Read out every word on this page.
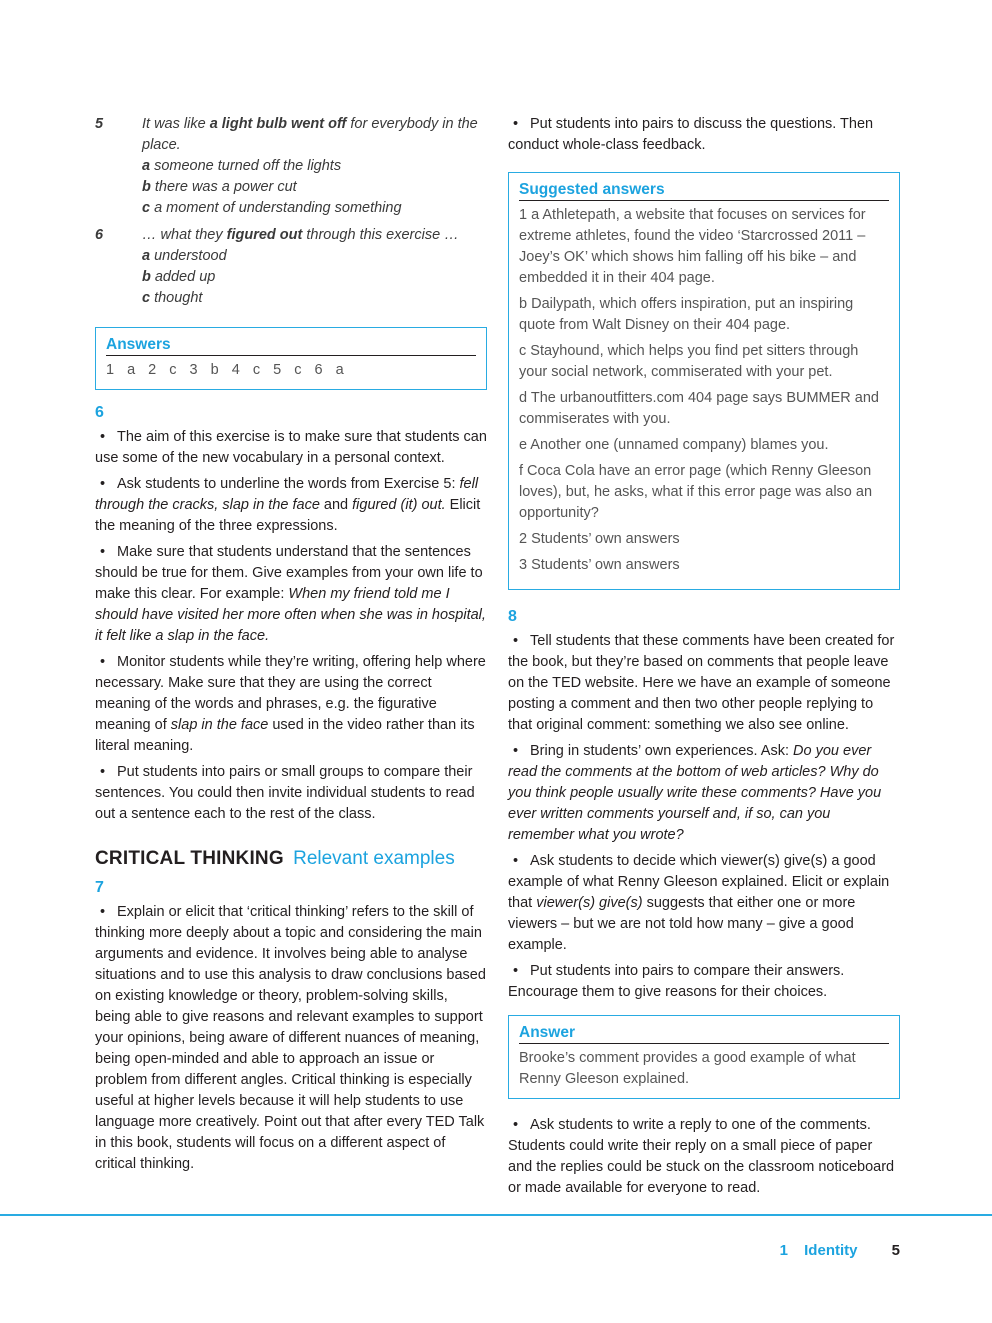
5	It was like a light bulb went off for everybody in the place.
a someone turned off the lights
b there was a power cut
c a moment of understanding something
6	… what they figured out through this exercise …
a understood
b added up
c thought
Answers
1 a 2 c 3 b 4 c 5 c 6 a
6

• The aim of this exercise is to make sure that students can use some of the new vocabulary in a personal context.

• Ask students to underline the words from Exercise 5: fell through the cracks, slap in the face and figured (it) out. Elicit the meaning of the three expressions.

• Make sure that students understand that the sentences should be true for them. Give examples from your own life to make this clear. For example: When my friend told me I should have visited her more often when she was in hospital, it felt like a slap in the face.

• Monitor students while they’re writing, offering help where necessary. Make sure that they are using the correct meaning of the words and phrases, e.g. the figurative meaning of slap in the face used in the video rather than its literal meaning.

• Put students into pairs or small groups to compare their sentences. You could then invite individual students to read out a sentence each to the rest of the class.

CRITICAL THINKING Relevant examples
7

• Explain or elicit that ‘critical thinking’ refers to the skill of thinking more deeply about a topic and considering the main arguments and evidence. It involves being able to analyse situations and to use this analysis to draw conclusions based on existing knowledge or theory, problem-solving skills, being able to give reasons and relevant examples to support your opinions, being aware of different nuances of meaning, being open-minded and able to approach an issue or problem from different angles. Critical thinking is especially useful at higher levels because it will help students to use language more creatively. Point out that after every TED Talk in this book, students will focus on a different aspect of critical thinking.

• Put students into pairs to discuss the questions. Then conduct whole-class feedback.

Suggested answers

1 a Athletepath, a website that focuses on services for extreme athletes, found the video ‘Starcrossed 2011 – Joey’s OK’ which shows him falling off his bike – and embedded it in their 404 page.

b Dailypath, which offers inspiration, put an inspiring quote from Walt Disney on their 404 page.

c Stayhound, which helps you find pet sitters through your social network, commiserated with your pet.

d The urbanoutfitters.com 404 page says BUMMER and commiserates with you.

e Another one (unnamed company) blames you.

f Coca Cola have an error page (which Renny Gleeson loves), but, he asks, what if this error page was also an opportunity?

2 Students’ own answers

3 Students’ own answers

8

• Tell students that these comments have been created for the book, but they’re based on comments that people leave on the TED website. Here we have an example of someone posting a comment and then two other people replying to that original comment: something we also see online.

• Bring in students’ own experiences. Ask: Do you ever read the comments at the bottom of web articles? Why do you think people usually write these comments? Have you ever written comments yourself and, if so, can you remember what you wrote?

• Ask students to decide which viewer(s) give(s) a good example of what Renny Gleeson explained. Elicit or explain that viewer(s) give(s) suggests that either one or more viewers – but we are not told how many – give a good example.

• Put students into pairs to compare their answers. Encourage them to give reasons for their choices.

Answer
Brooke’s comment provides a good example of what Renny Gleeson explained.

• Ask students to write a reply to one of the comments. Students could write their reply on a small piece of paper and the replies could be stuck on the classroom noticeboard or made available for everyone to read.

1 Identity 5
